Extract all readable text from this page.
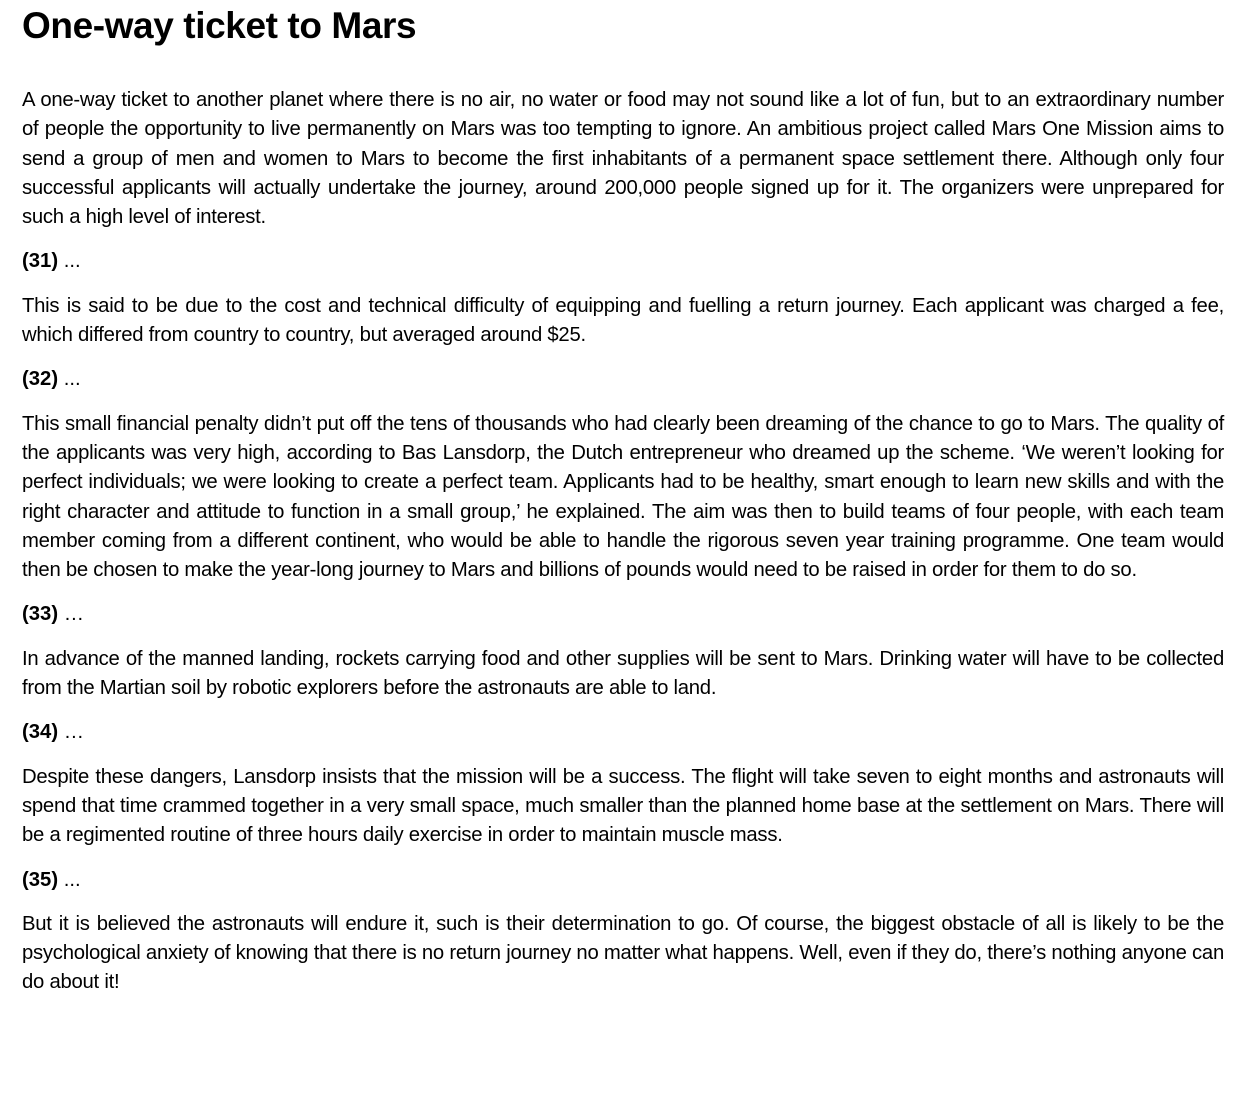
One-way ticket to Mars

A one-way ticket to another planet where there is no air, no water or food may not sound like a lot of fun, but to an extraordinary number of people the opportunity to live permanently on Mars was too tempting to ignore. An ambitious project called Mars One Mission aims to send a group of men and women to Mars to become the first inhabitants of a permanent space settlement there. Although only four successful applicants will actually undertake the journey, around 200,000 people signed up for it. The organizers were unprepared for such a high level of interest.

(31) ...

This is said to be due to the cost and technical difficulty of equipping and fuelling a return journey. Each applicant was charged a fee, which differed from country to country, but averaged around $25.

(32) ...

This small financial penalty didn’t put off the tens of thousands who had clearly been dreaming of the chance to go to Mars. The quality of the applicants was very high, according to Bas Lansdorp, the Dutch entrepreneur who dreamed up the scheme. ‘We weren’t looking for perfect individuals; we were looking to create a perfect team. Applicants had to be healthy, smart enough to learn new skills and with the right character and attitude to function in a small group,’ he explained. The aim was then to build teams of four people, with each team member coming from a different continent, who would be able to handle the rigorous seven year training programme. One team would then be chosen to make the year-long journey to Mars and billions of pounds would need to be raised in order for them to do so.

(33) …

In advance of the manned landing, rockets carrying food and other supplies will be sent to Mars. Drinking water will have to be collected from the Martian soil by robotic explorers before the astronauts are able to land.

(34) …

Despite these dangers, Lansdorp insists that the mission will be a success. The flight will take seven to eight months and astronauts will spend that time crammed together in a very small space, much smaller than the planned home base at the settlement on Mars. There will be a regimented routine of three hours daily exercise in order to maintain muscle mass.

(35) ...

But it is believed the astronauts will endure it, such is their determination to go. Of course, the biggest obstacle of all is likely to be the psychological anxiety of knowing that there is no return journey no matter what happens. Well, even if they do, there’s nothing anyone can do about it!
